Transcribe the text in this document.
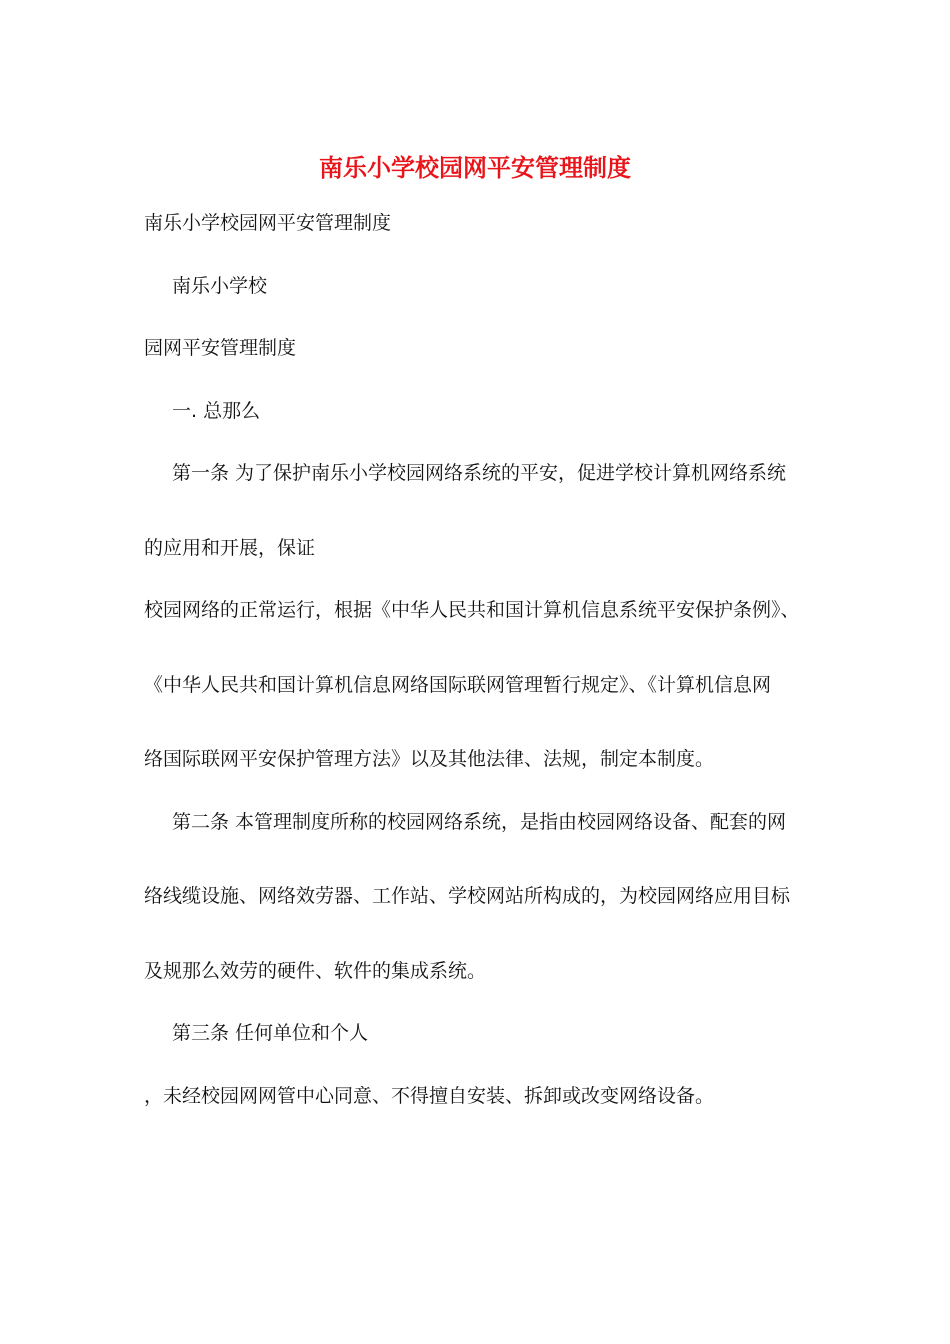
南乐小学校园网平安管理制度
南乐小学校园网平安管理制度
南乐小学校
园网平安管理制度
一. 总那么
第一条 为了保护南乐小学校园网络系统的平安，促进学校计算机网络系统
的应用和开展，保证
校园网络的正常运行，根据《中华人民共和国计算机信息系统平安保护条例》、
《中华人民共和国计算机信息网络国际联网管理暂行规定》、《计算机信息网
络国际联网平安保护管理方法》以及其他法律、法规，制定本制度。
第二条 本管理制度所称的校园网络系统，是指由校园网络设备、配套的网
络线缆设施、网络效劳器、工作站、学校网站所构成的，为校园网络应用目标
及规那么效劳的硬件、软件的集成系统。
第三条 任何单位和个人
，未经校园网网管中心同意、不得擅自安装、拆卸或改变网络设备。
